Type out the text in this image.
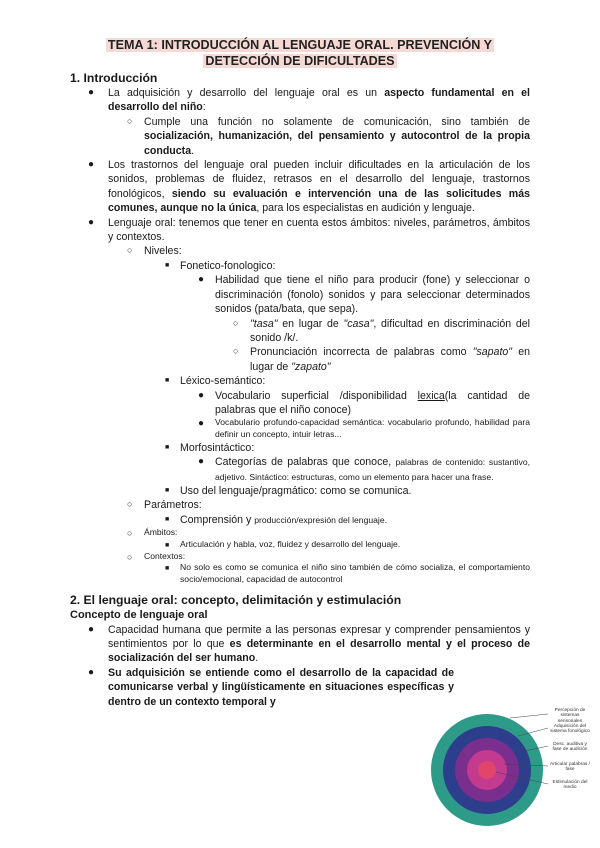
TEMA 1: INTRODUCCIÓN AL LENGUAJE ORAL. PREVENCIÓN Y
DETECCIÓN DE DIFICULTADES
1. Introducción
● La adquisición y desarrollo del lenguaje oral es un aspecto fundamental en el desarrollo del niño:
○ Cumple una función no solamente de comunicación, sino también de socialización, humanización, del pensamiento y autocontrol de la propia conducta.
● Los trastornos del lenguaje oral pueden incluir dificultades en la articulación de los sonidos, problemas de fluidez, retrasos en el desarrollo del lenguaje, trastornos fonológicos, siendo su evaluación e intervención una de las solicitudes más comunes, aunque no la única, para los especialistas en audición y lenguaje.
● Lenguaje oral: tenemos que tener en cuenta estos ámbitos: niveles, parámetros, ámbitos y contextos.
○ Niveles:
■ Fonetico-fonologico:
● Habilidad que tiene el niño para producir (fone) y seleccionar o discriminación (fonolo) sonidos y para seleccionar determinados sonidos (pata/bata, que sepa).
○ "tasa" en lugar de "casa", dificultad en discriminación del sonido /k/.
○ Pronunciación incorrecta de palabras como "sapato" en lugar de "zapato"
■ Léxico-semántico:
● Vocabulario superficial /disponibilidad lexica(la cantidad de palabras que el niño conoce)
● Vocabulario profundo-capacidad semántica: vocabulario profundo, habilidad para definir un concepto, intuir letras...
■ Morfosintáctico:
● Categorías de palabras que conoce, palabras de contenido: sustantivo, adjetivo. Sintáctico: estructuras, como un elemento para hacer una frase.
■ Uso del lenguaje/pragmático: como se comunica.
○ Parámetros:
■ Comprensión y producción/expresión del lenguaje.
○ Ámbitos:
■ Articulación y habla, voz, fluidez y desarrollo del lenguaje.
○ Contextos:
■ No solo es como se comunica el niño sino también de cómo socializa, el comportamiento socio/emocional, capacidad de autocontrol
2. El lenguaje oral: concepto, delimitación y estimulación
Concepto de lenguaje oral
● Capacidad humana que permite a las personas expresar y comprender pensamientos y sentimientos por lo que es determinante en el desarrollo mental y el proceso de socialización del ser humano.
● Su adquisición se entiende como el desarrollo de la capacidad de comunicarse verbal y lingüísticamente en situaciones específicas y dentro de un contexto temporal y
Percepción de sistemas sensoriales
Adquisición del sistema fonológico
Desc. auditiva y fase de audición
Articular palabras / fase
Estimulación del medio
